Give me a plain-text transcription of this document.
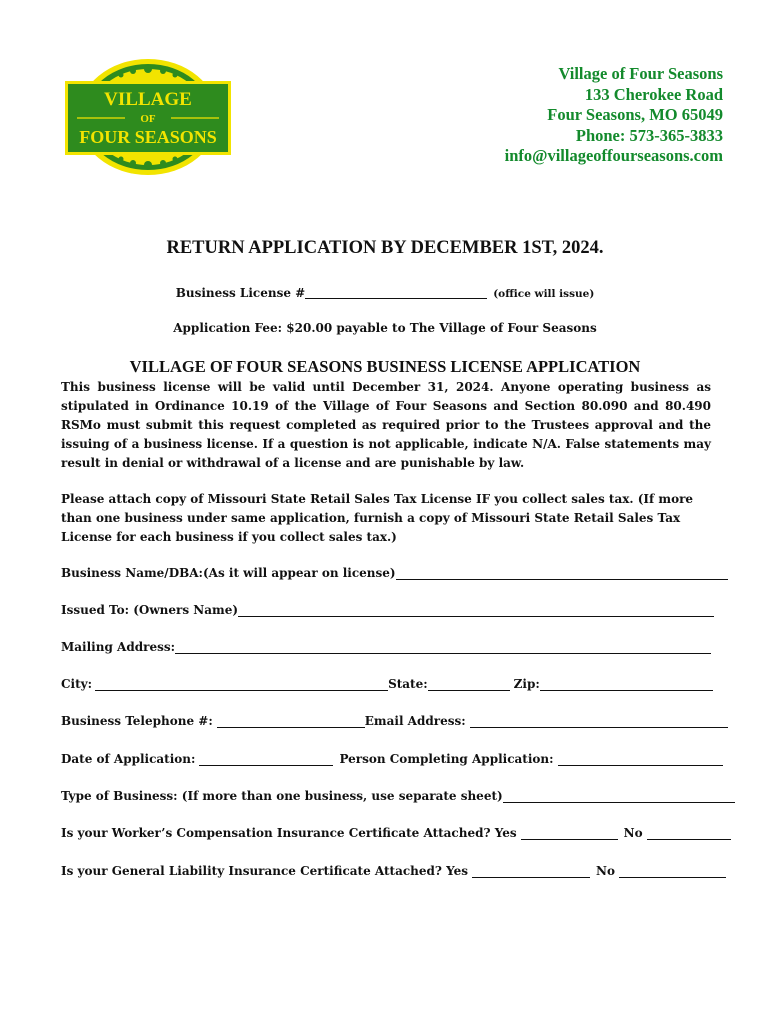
VILLAGE
OF
FOUR SEASONS
Village of Four Seasons
133 Cherokee Road
Four Seasons, MO 65049
Phone: 573-365-3833
info@villageoffourseasons.com
RETURN APPLICATION BY DECEMBER 1ST, 2024.
Business License #	(office will issue)
Application Fee: $20.00 payable to The Village of Four Seasons
VILLAGE OF FOUR SEASONS BUSINESS LICENSE APPLICATION
This business license will be valid until December 31, 2024. Anyone operating business as stipulated in Ordinance 10.19 of the Village of Four Seasons and Section 80.090 and 80.490 RSMo must submit this request completed as required prior to the Trustees approval and the issuing of a business license. If a question is not applicable, indicate N/A. False statements may result in denial or withdrawal of a license and are punishable by law.
Please attach copy of Missouri State Retail Sales Tax License IF you collect sales tax. (If more than one business under same application, furnish a copy of Missouri State Retail Sales Tax License for each business if you collect sales tax.)
Business Name/DBA:(As it will appear on license)
Issued To: (Owners Name)
Mailing Address:
City:	State:	Zip:
Business Telephone #:	Email Address:
Date of Application:	Person Completing Application:
Type of Business: (If more than one business, use separate sheet)
Is your Worker’s Compensation Insurance Certificate Attached? Yes	No
Is your General Liability Insurance Certificate Attached? Yes	No
